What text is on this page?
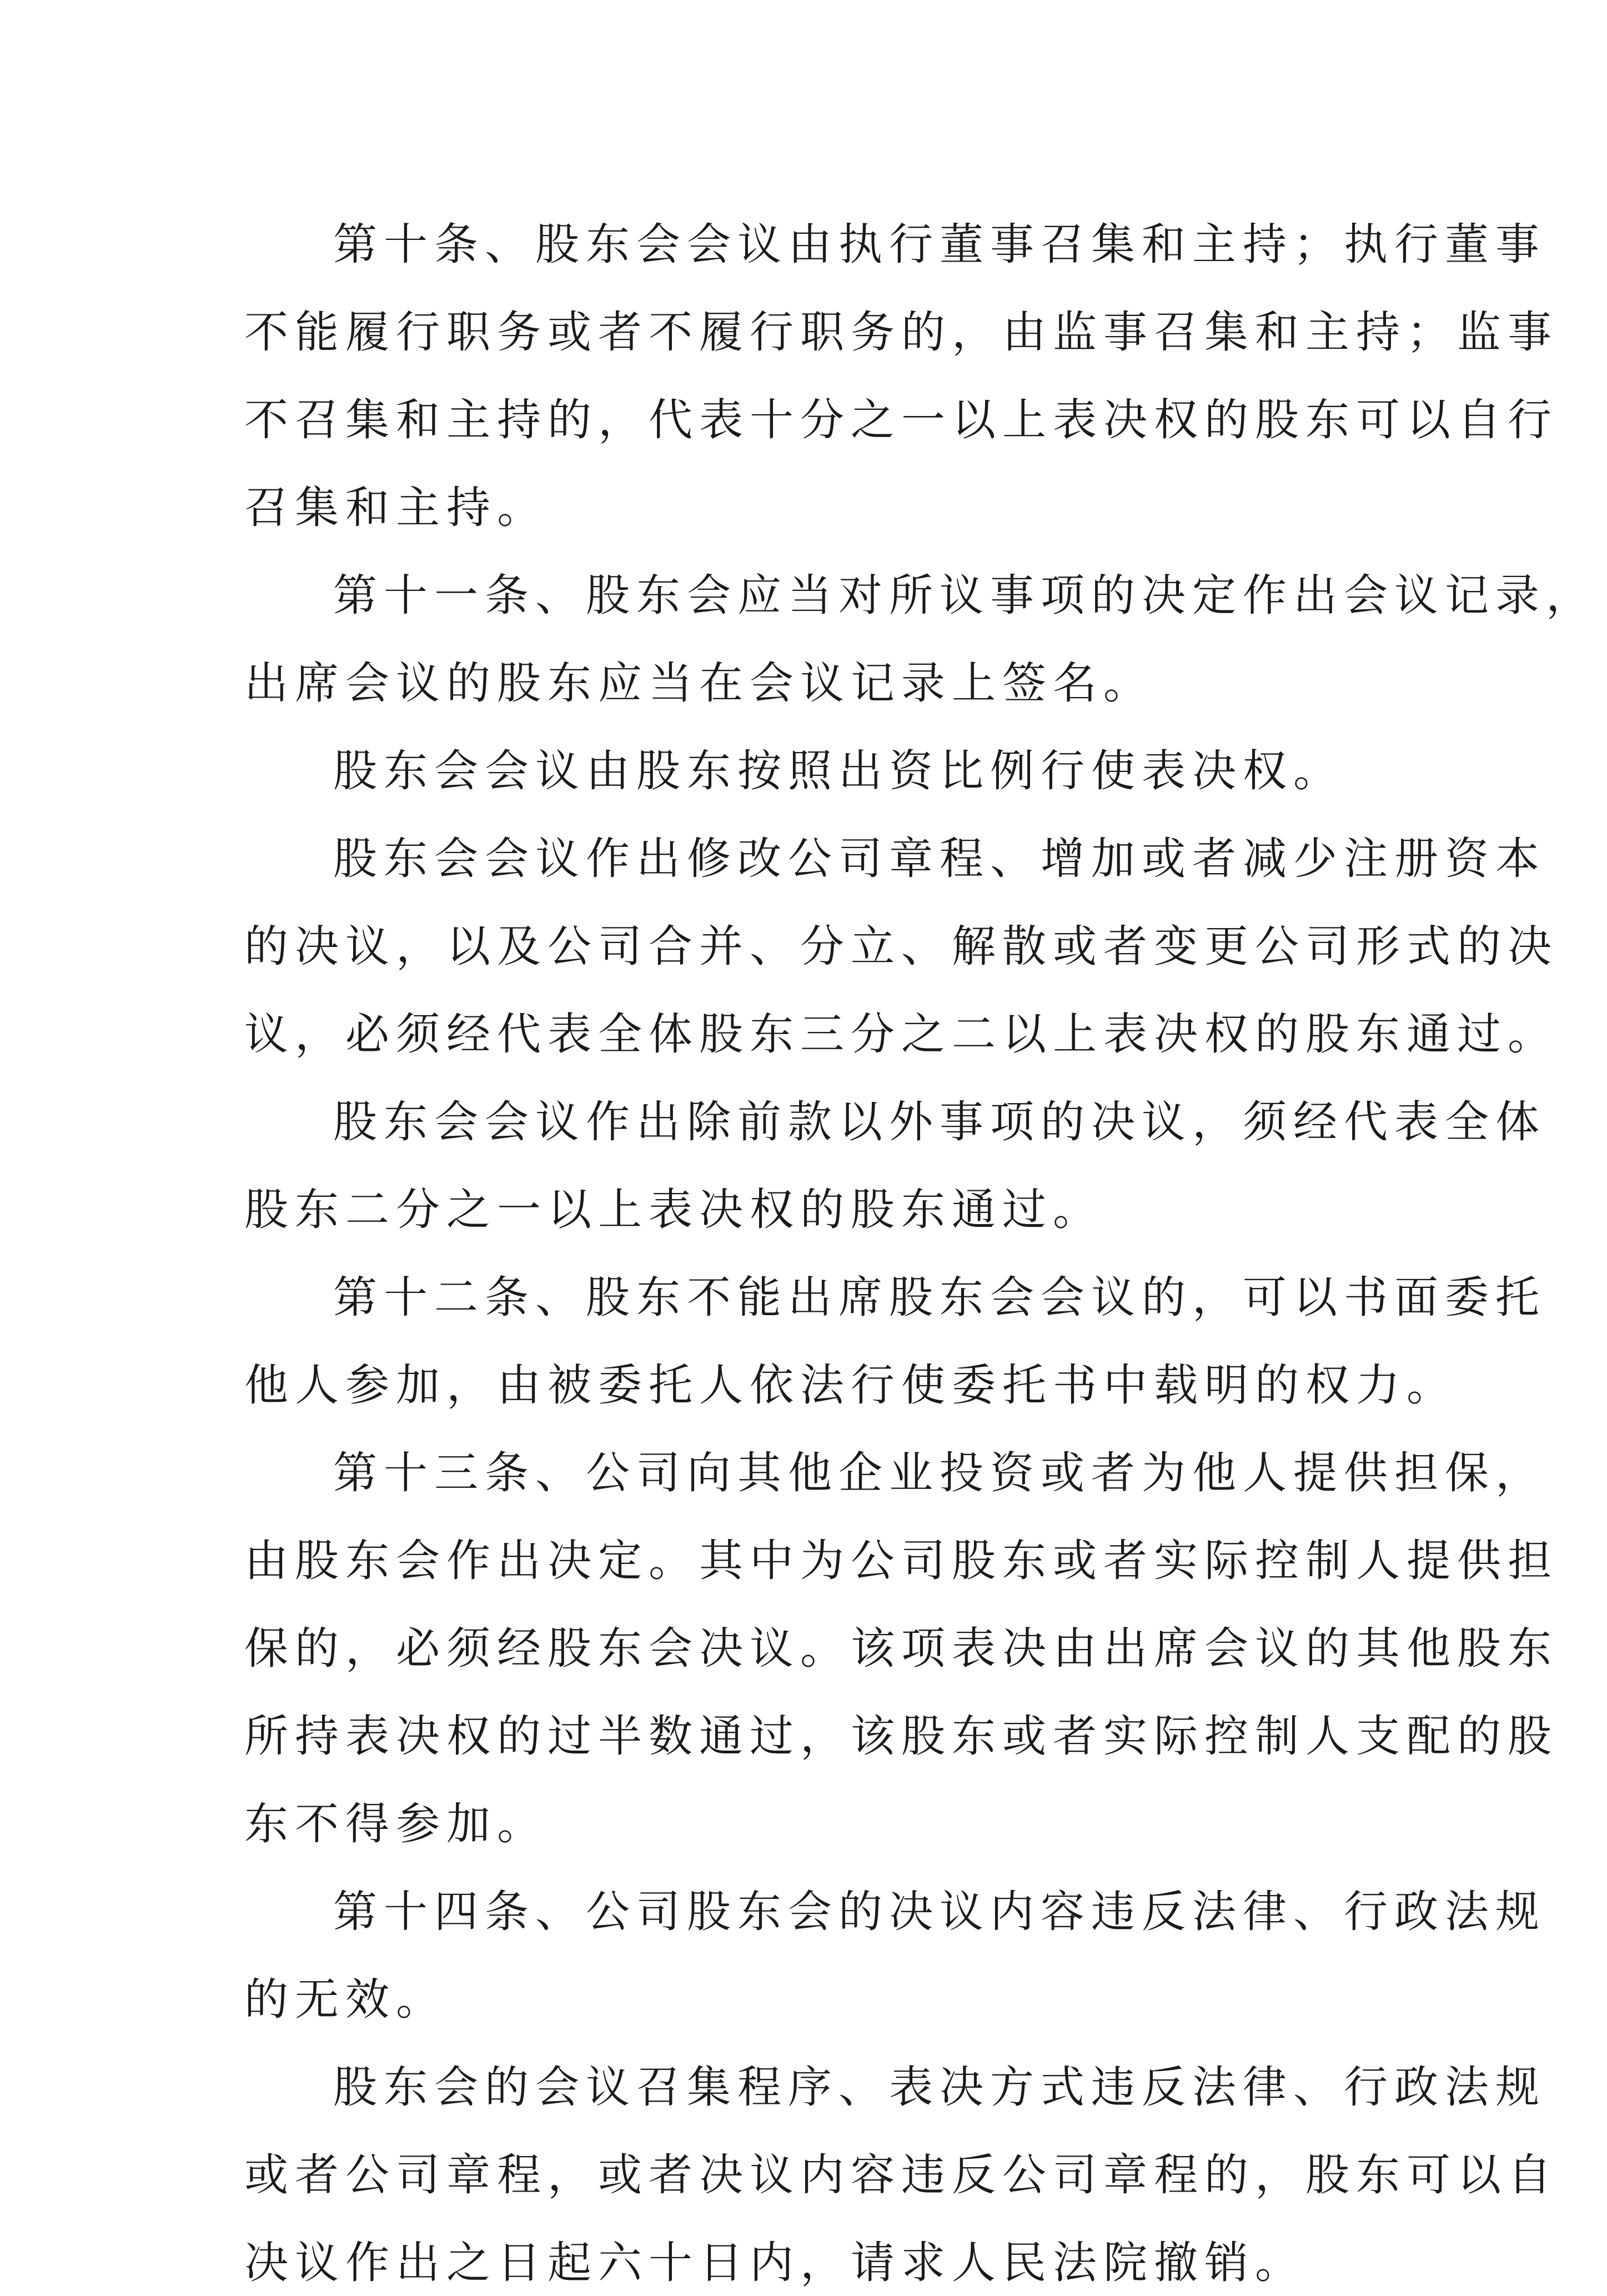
第十条、股东会会议由执行董事召集和主持；执行董事
不能履行职务或者不履行职务的，由监事召集和主持；监事
不召集和主持的，代表十分之一以上表决权的股东可以自行
召集和主持。
第十一条、股东会应当对所议事项的决定作出会议记录，
出席会议的股东应当在会议记录上签名。
股东会会议由股东按照出资比例行使表决权。
股东会会议作出修改公司章程、增加或者减少注册资本
的决议，以及公司合并、分立、解散或者变更公司形式的决
议，必须经代表全体股东三分之二以上表决权的股东通过。
股东会会议作出除前款以外事项的决议，须经代表全体
股东二分之一以上表决权的股东通过。
第十二条、股东不能出席股东会会议的，可以书面委托
他人参加，由被委托人依法行使委托书中载明的权力。
第十三条、公司向其他企业投资或者为他人提供担保，
由股东会作出决定。其中为公司股东或者实际控制人提供担
保的，必须经股东会决议。该项表决由出席会议的其他股东
所持表决权的过半数通过，该股东或者实际控制人支配的股
东不得参加。
第十四条、公司股东会的决议内容违反法律、行政法规
的无效。
股东会的会议召集程序、表决方式违反法律、行政法规
或者公司章程，或者决议内容违反公司章程的，股东可以自
决议作出之日起六十日内，请求人民法院撤销。
